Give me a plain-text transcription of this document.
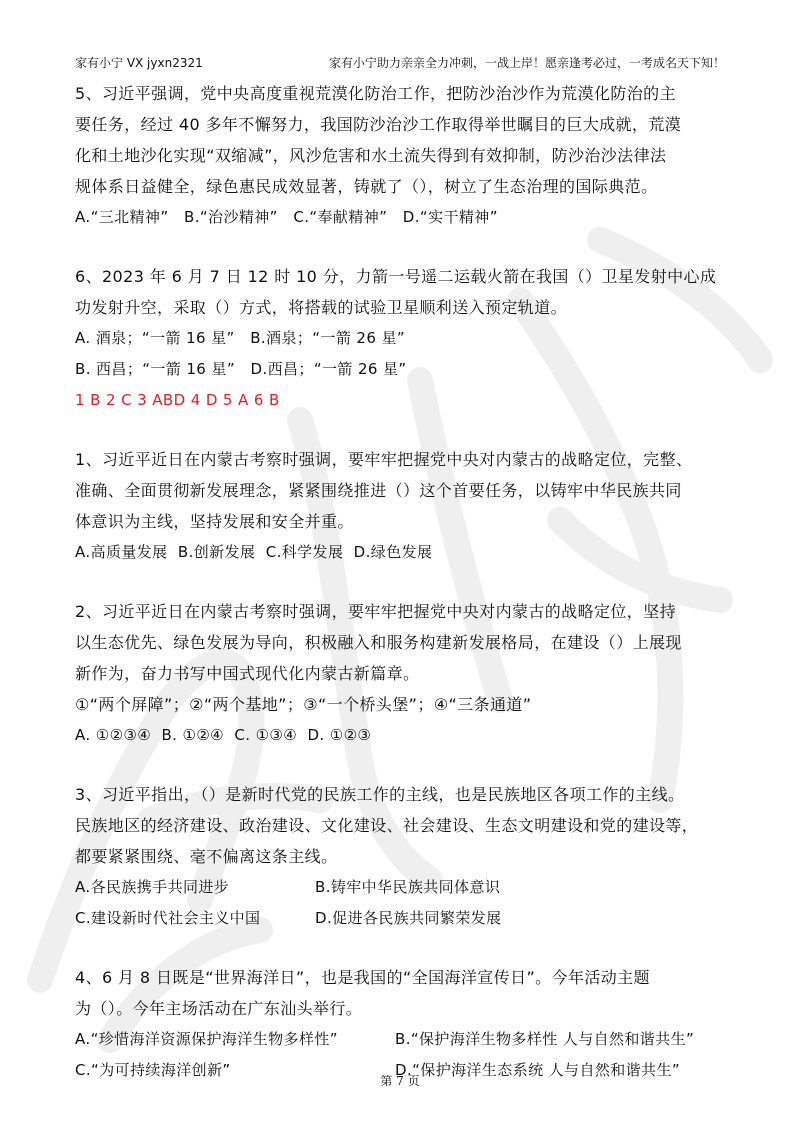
家有小宁 VX jyxn2321	家有小宁助力亲亲全力冲刺，一战上岸！愿亲逢考必过，一考成名天下知！

5、习近平强调，党中央高度重视荒漠化防治工作，把防沙治沙作为荒漠化防治的主

要任务，经过 40 多年不懈努力，我国防沙治沙工作取得举世瞩目的巨大成就，荒漠

化和土地沙化实现“双缩减”，风沙危害和水土流失得到有效抑制，防沙治沙法律法

规体系日益健全，绿色惠民成效显著，铸就了（），树立了生态治理的国际典范。

A.“三北精神”   B.“治沙精神”   C.“奉献精神”   D.“实干精神”

6、2023 年 6 月 7 日 12 时 10 分，力箭一号遥二运载火箭在我国（）卫星发射中心成

功发射升空，采取（）方式，将搭载的试验卫星顺利送入预定轨道。

A. 酒泉；“一箭 16 星”   B.酒泉；“一箭 26 星”

B. 西昌；“一箭 16 星”   D.西昌；“一箭 26 星”

1 B 2 C 3 ABD 4 D 5 A 6 B

1、习近平近日在内蒙古考察时强调，要牢牢把握党中央对内蒙古的战略定位，完整、

准确、全面贯彻新发展理念，紧紧围绕推进（）这个首要任务，以铸牢中华民族共同

体意识为主线，坚持发展和安全并重。

A.高质量发展  B.创新发展  C.科学发展  D.绿色发展

2、习近平近日在内蒙古考察时强调，要牢牢把握党中央对内蒙古的战略定位，坚持

以生态优先、绿色发展为导向，积极融入和服务构建新发展格局，在建设（）上展现

新作为，奋力书写中国式现代化内蒙古新篇章。

①“两个屏障”；②“两个基地”；③“一个桥头堡”；④“三条通道”

A. ①②③④  B. ①②④  C. ①③④  D. ①②③

3、习近平指出，（）是新时代党的民族工作的主线，也是民族地区各项工作的主线。

民族地区的经济建设、政治建设、文化建设、社会建设、生态文明建设和党的建设等，

都要紧紧围绕、毫不偏离这条主线。

A.各民族携手共同进步	B.铸牢中华民族共同体意识
C.建设新时代社会主义中国	D.促进各民族共同繁荣发展

4、6 月 8 日既是“世界海洋日”，也是我国的“全国海洋宣传日”。今年活动主题

为（）。今年主场活动在广东汕头举行。

A.“珍惜海洋资源保护海洋生物多样性”	B.“保护海洋生物多样性 人与自然和谐共生”
C.“为可持续海洋创新”	D.“保护海洋生态系统 人与自然和谐共生”
第 7 页
